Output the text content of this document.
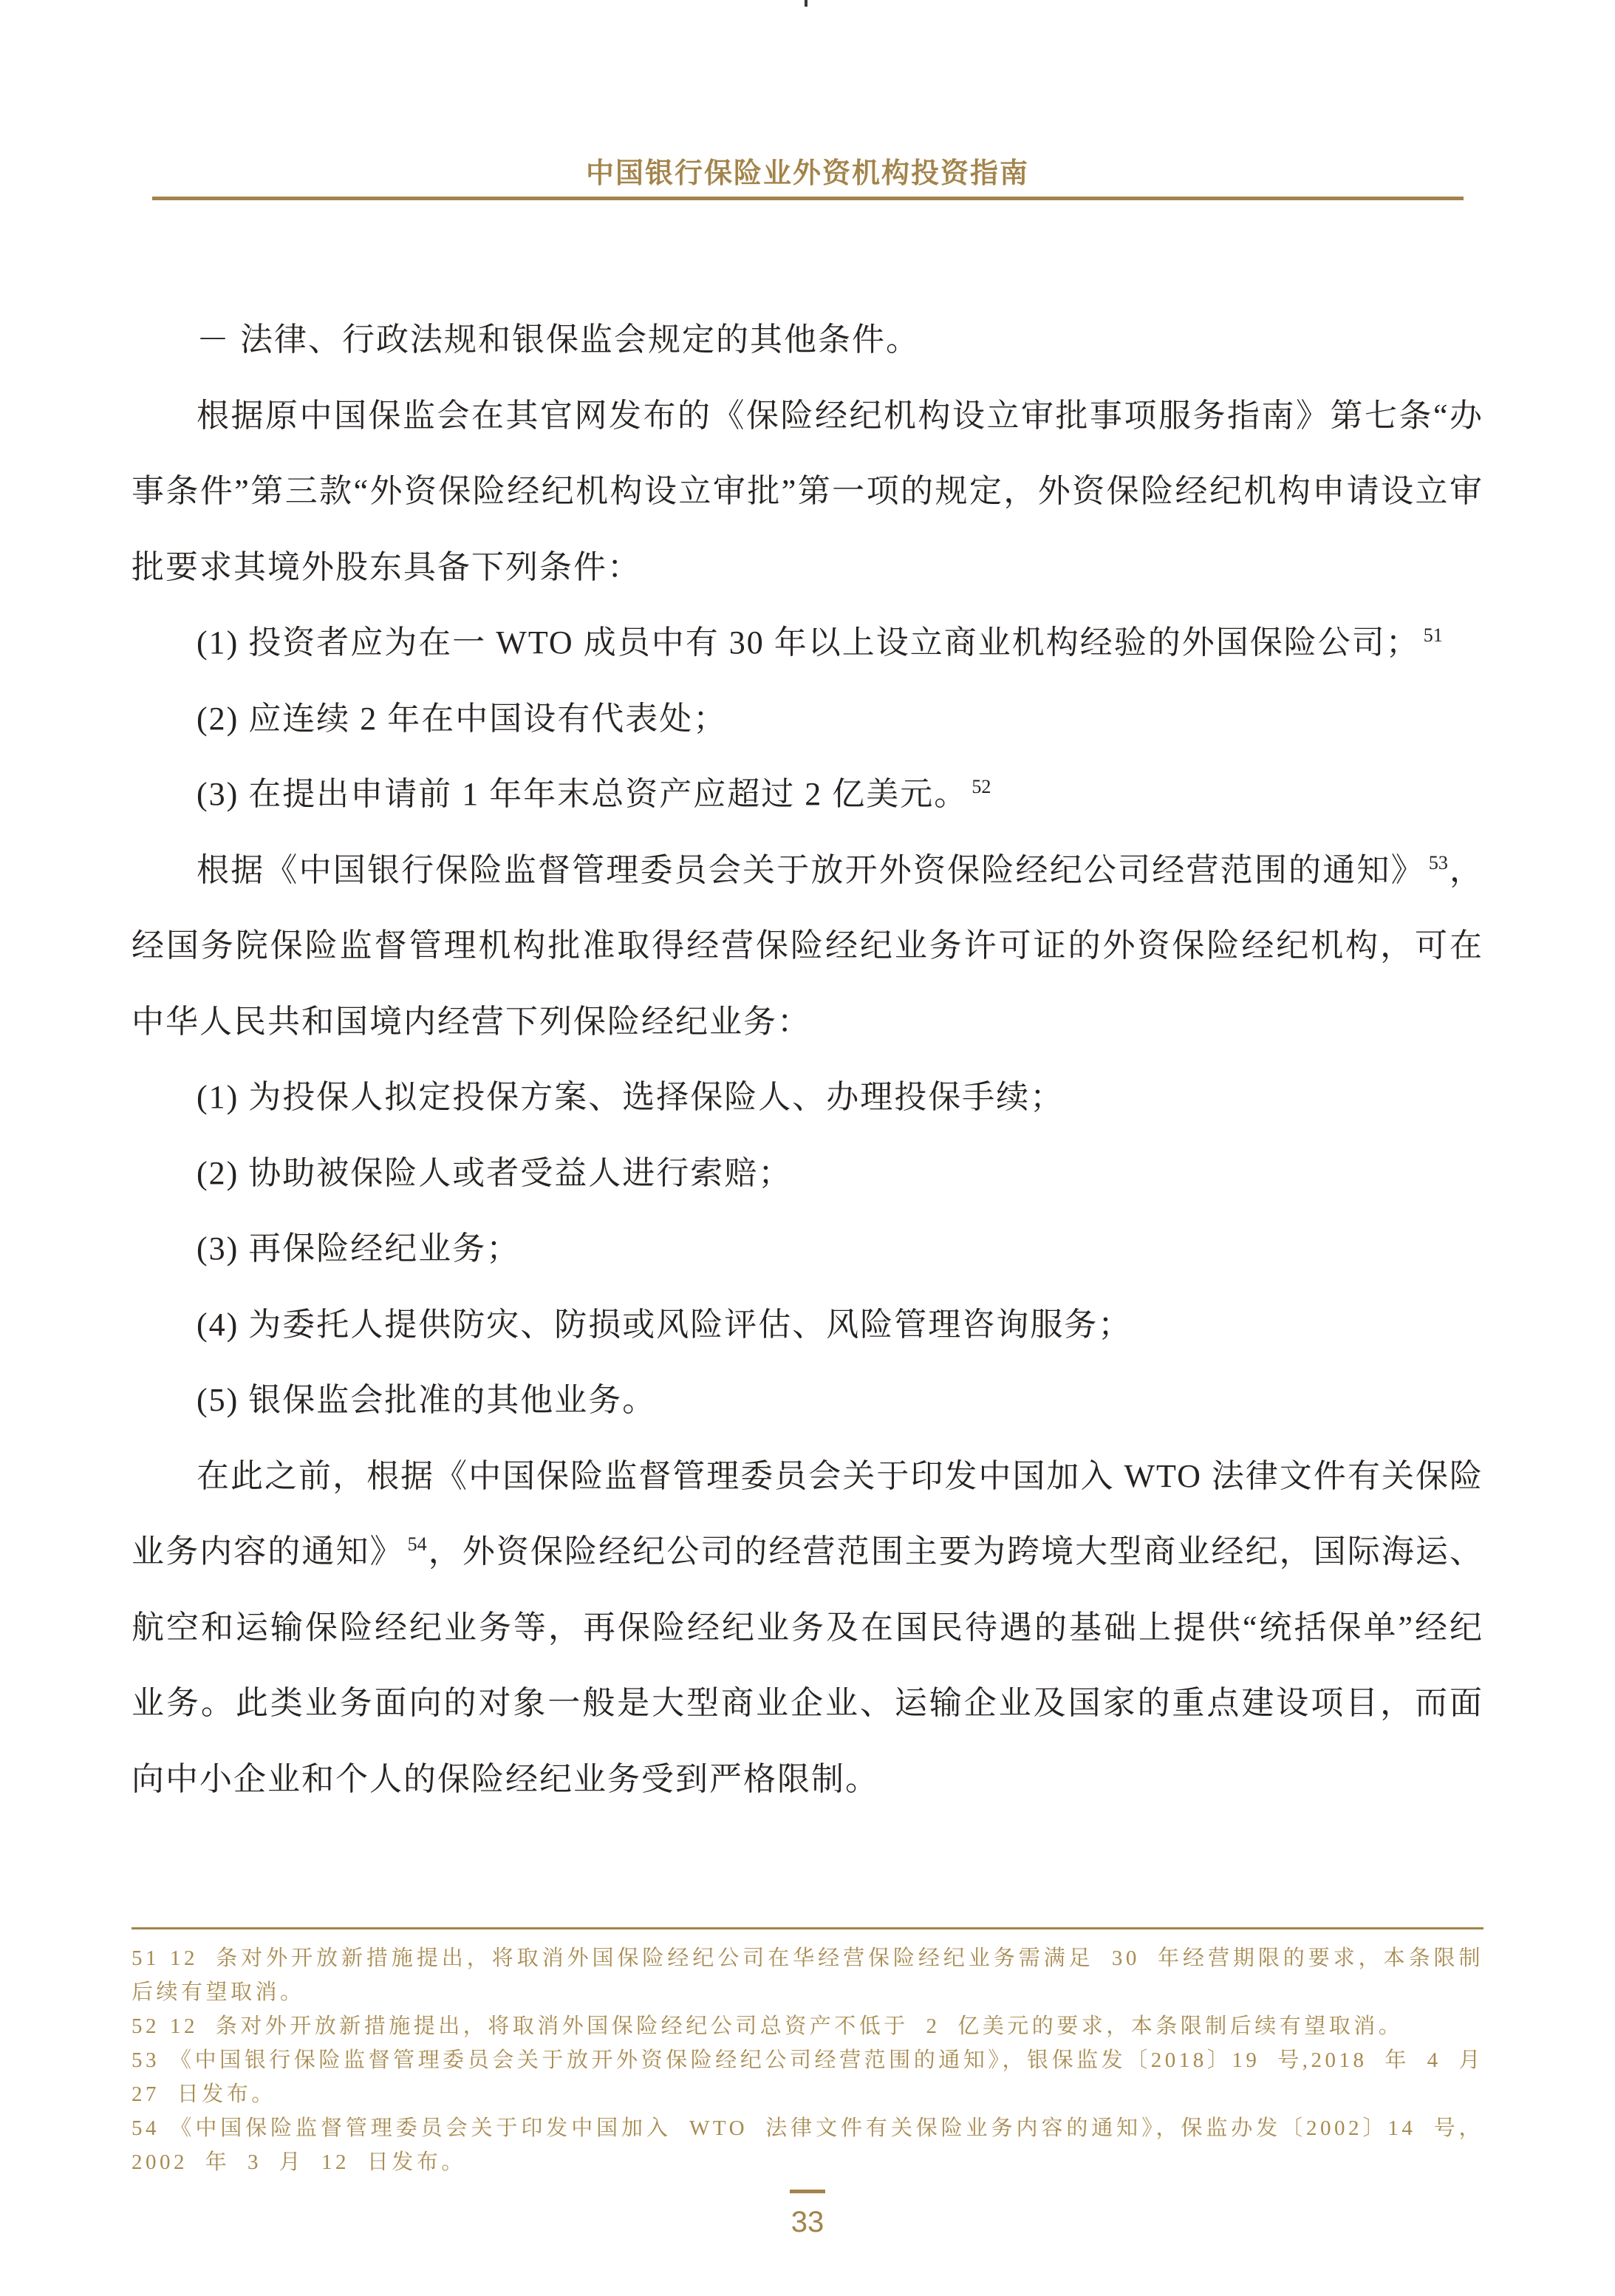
中国银行保险业外资机构投资指南

－ 法律、行政法规和银保监会规定的其他条件。

根据原中国保监会在其官网发布的《保险经纪机构设立审批事项服务指南》第七条“办事条件”第三款“外资保险经纪机构设立审批”第一项的规定，外资保险经纪机构申请设立审批要求其境外股东具备下列条件：

(1) 投资者应为在一 WTO 成员中有 30 年以上设立商业机构经验的外国保险公司； $^{51}$

(2) 应连续 2 年在中国设有代表处；

(3) 在提出申请前 1 年年末总资产应超过 2 亿美元。 $^{52}$

根据《中国银行保险监督管理委员会关于放开外资保险经纪公司经营范围的通知》 $^{53}$，经国务院保险监督管理机构批准取得经营保险经纪业务许可证的外资保险经纪机构，可在中华人民共和国境内经营下列保险经纪业务：

(1) 为投保人拟定投保方案、选择保险人、办理投保手续；

(2) 协助被保险人或者受益人进行索赔；

(3) 再保险经纪业务；

(4) 为委托人提供防灾、防损或风险评估、风险管理咨询服务；

(5) 银保监会批准的其他业务。

在此之前，根据《中国保险监督管理委员会关于印发中国加入 WTO 法律文件有关保险业务内容的通知》 $^{54}$，外资保险经纪公司的经营范围主要为跨境大型商业经纪，国际海运、航空和运输保险经纪业务等，再保险经纪业务及在国民待遇的基础上提供“统括保单”经纪业务。此类业务面向的对象一般是大型商业企业、运输企业及国家的重点建设项目，而面向中小企业和个人的保险经纪业务受到严格限制。

51 12 条对外开放新措施提出，将取消外国保险经纪公司在华经营保险经纪业务需满足 30 年经营期限的要求，本条限制后续有望取消。

52 12 条对外开放新措施提出，将取消外国保险经纪公司总资产不低于 2 亿美元的要求，本条限制后续有望取消。

53 《中国银行保险监督管理委员会关于放开外资保险经纪公司经营范围的通知》，银保监发〔2018〕19 号,2018 年 4 月 27 日发布。

54 《中国保险监督管理委员会关于印发中国加入 WTO 法律文件有关保险业务内容的通知》，保监办发〔2002〕14 号，2002 年 3 月 12 日发布。

33
